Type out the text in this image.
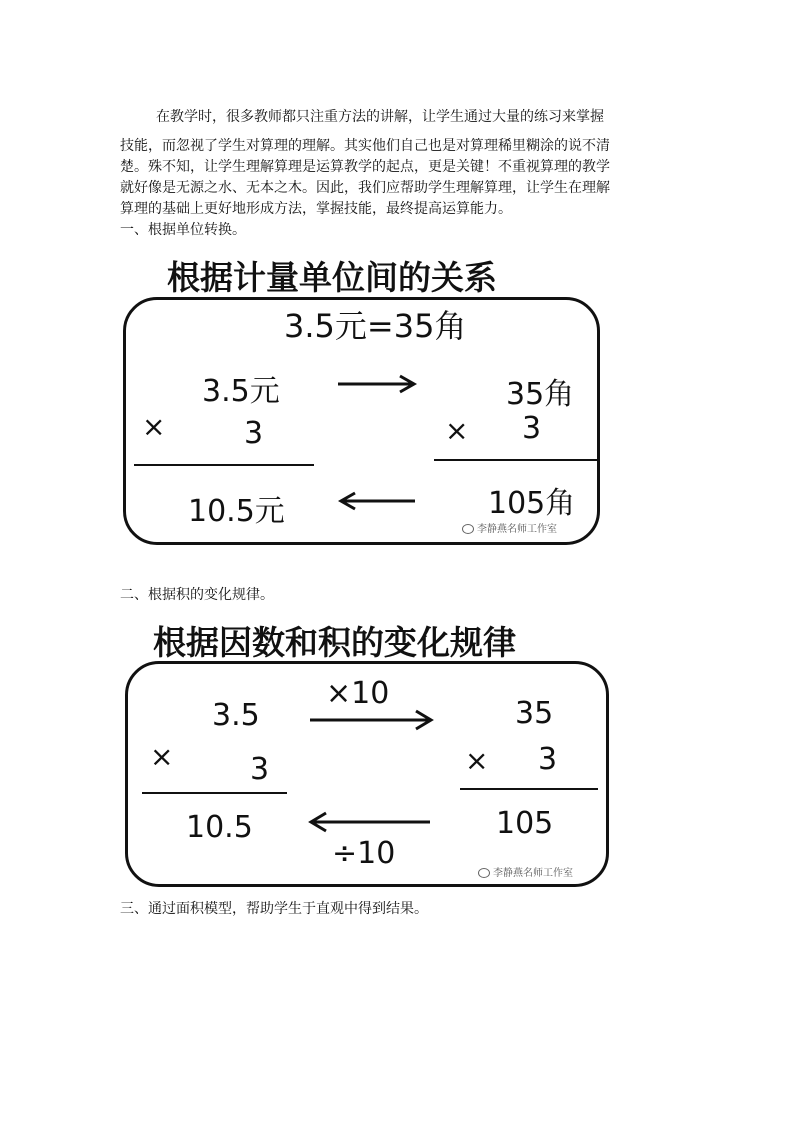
在教学时，很多教师都只注重方法的讲解，让学生通过大量的练习来掌握
技能，而忽视了学生对算理的理解。其实他们自己也是对算理稀里糊涂的说不清
楚。殊不知，让学生理解算理是运算教学的起点，更是关键！不重视算理的教学
就好像是无源之水、无本之木。因此，我们应帮助学生理解算理，让学生在理解
算理的基础上更好地形成方法，掌握技能，最终提高运算能力。
一、根据单位转换。
根据计量单位间的关系
3.5元=35角
3.5元
×	3
10.5元
35角
× 3
105角
李静燕名师工作室
二、根据积的变化规律。
根据因数和积的变化规律
3.5
×	3
10.5
35
× 3
105
×10
÷10
李静燕名师工作室
三、通过面积模型，帮助学生于直观中得到结果。
